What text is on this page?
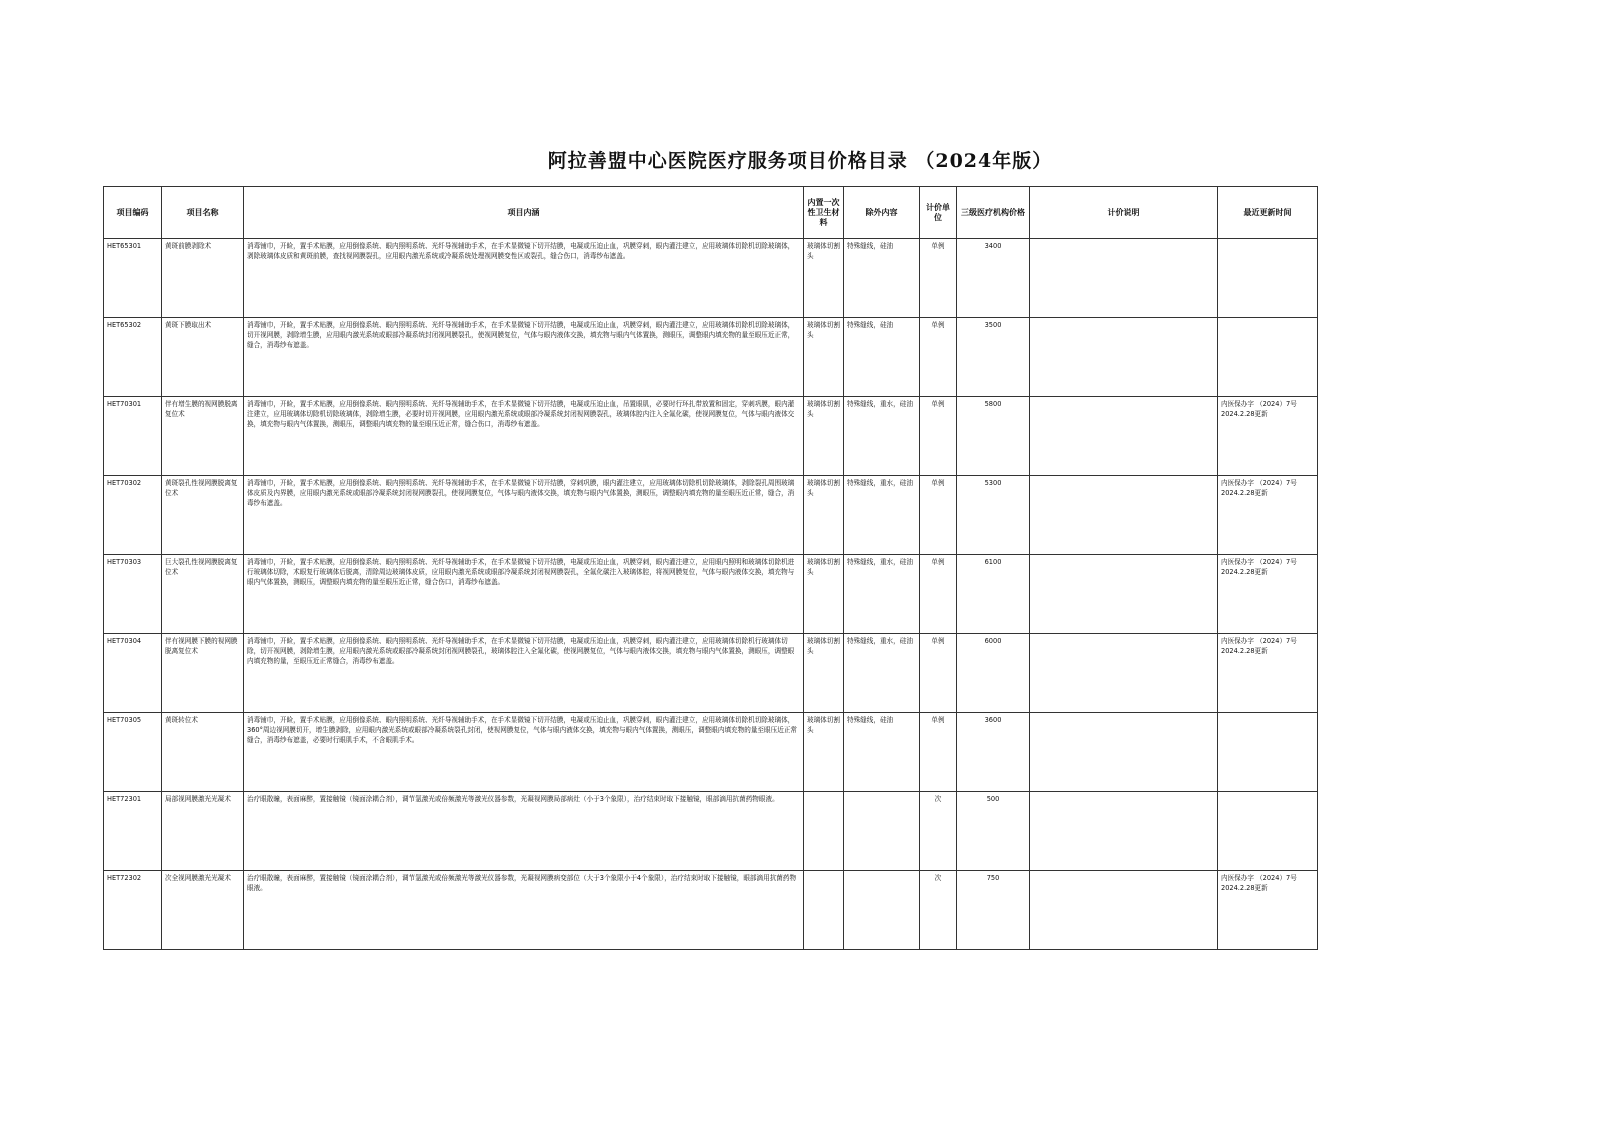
阿拉善盟中心医院医疗服务项目价格目录 （2024年版）
项目编码	项目名称	项目内涵	内置一次性卫生材料	除外内容	计价单位	三级医疗机构价格	计价说明	最近更新时间
HET65301	黄斑前膜剥除术	消毒铺巾，开睑，置手术贴膜，应用倒像系统、眼内照明系统、光纤导视辅助手术，在手术显微镜下切开结膜，电凝或压迫止血，巩膜穿刺，眼内灌注建立，应用玻璃体切除机切除玻璃体，剥除玻璃体皮质和黄斑前膜，查找视网膜裂孔，应用眼内激光系统或冷凝系统处理视网膜变性区或裂孔，缝合伤口，消毒纱布遮盖。	玻璃体切割头	特殊缝线，硅油	单例	3400		
HET65302	黄斑下膜取出术	消毒铺巾，开睑，置手术贴膜，应用倒像系统、眼内照明系统、光纤导视辅助手术，在手术显微镜下切开结膜，电凝或压迫止血，巩膜穿刺，眼内灌注建立，应用玻璃体切除机切除玻璃体，切开视网膜，剥除增生膜，应用眼内激光系统或眼部冷凝系统封闭视网膜裂孔，使视网膜复位，气体与眼内液体交换，填充物与眼内气体置换，测眼压，调整眼内填充物的量至眼压近正常，缝合，消毒纱布遮盖。	玻璃体切割头	特殊缝线，硅油	单例	3500		
HET70301	伴有增生膜的视网膜脱离复位术	消毒铺巾，开睑，置手术贴膜，应用倒像系统、眼内照明系统、光纤导视辅助手术，在手术显微镜下切开结膜，电凝或压迫止血，吊置眼肌，必要时行环扎带放置和固定，穿刺巩膜，眼内灌注建立，应用玻璃体切除机切除玻璃体，剥除增生膜，必要时切开视网膜，应用眼内激光系统或眼部冷凝系统封闭视网膜裂孔，玻璃体腔内注入全氟化碳，使视网膜复位，气体与眼内液体交换，填充物与眼内气体置换，测眼压，调整眼内填充物的量至眼压近正常，缝合伤口，消毒纱布遮盖。	玻璃体切割头	特殊缝线，重水，硅油	单例	5800		内医保办字 （2024）7号 2024.2.28更新
HET70302	黄斑裂孔性视网膜脱离复位术	消毒铺巾，开睑，置手术贴膜，应用倒像系统、眼内照明系统、光纤导视辅助手术，在手术显微镜下切开结膜，穿刺巩膜，眼内灌注建立，应用玻璃体切除机切除玻璃体，剥除裂孔周围玻璃体皮质及内界膜，应用眼内激光系统或眼部冷凝系统封闭视网膜裂孔，使视网膜复位，气体与眼内液体交换，填充物与眼内气体置换，测眼压，调整眼内填充物的量至眼压近正常，缝合，消毒纱布遮盖。	玻璃体切割头	特殊缝线，重水，硅油	单例	5300		内医保办字 （2024）7号 2024.2.28更新
HET70303	巨大裂孔性视网膜脱离复位术	消毒铺巾，开睑，置手术贴膜，应用倒像系统、眼内照明系统、光纤导视辅助手术，在手术显微镜下切开结膜，电凝或压迫止血，巩膜穿刺，眼内灌注建立，应用眼内照明和玻璃体切除机进行玻璃体切除，术眼复行玻璃体后脱离，清除周边玻璃体皮质，应用眼内激光系统或眼部冷凝系统封闭视网膜裂孔，全氟化碳注入玻璃体腔，将视网膜复位，气体与眼内液体交换，填充物与眼内气体置换，测眼压，调整眼内填充物的量至眼压近正常，缝合伤口，消毒纱布遮盖。	玻璃体切割头	特殊缝线，重水，硅油	单例	6100		内医保办字 （2024）7号 2024.2.28更新
HET70304	伴有视网膜下膜的视网膜脱离复位术	消毒铺巾，开睑，置手术贴膜，应用倒像系统、眼内照明系统、光纤导视辅助手术，在手术显微镜下切开结膜，电凝或压迫止血，巩膜穿刺，眼内灌注建立，应用玻璃体切除机行玻璃体切除，切开视网膜，剥除增生膜，应用眼内激光系统或眼部冷凝系统封闭视网膜裂孔，玻璃体腔注入全氟化碳，使视网膜复位，气体与眼内液体交换，填充物与眼内气体置换，测眼压，调整眼内填充物的量，至眼压近正常缝合，消毒纱布遮盖。	玻璃体切割头	特殊缝线，重水，硅油	单例	6000		内医保办字 （2024）7号 2024.2.28更新
HET70305	黄斑转位术	消毒铺巾，开睑，置手术贴膜，应用倒像系统、眼内照明系统、光纤导视辅助手术，在手术显微镜下切开结膜，电凝或压迫止血，巩膜穿刺，眼内灌注建立，应用玻璃体切除机切除玻璃体，360°周边视网膜切开，增生膜剥除，应用眼内激光系统或眼部冷凝系统裂孔封闭，使视网膜复位，气体与眼内液体交换，填充物与眼内气体置换，测眼压，调整眼内填充物的量至眼压近正常缝合，消毒纱布遮盖，必要时行眼肌手术，不含眼肌手术。	玻璃体切割头	特殊缝线，硅油	单例	3600		
HET72301	局部视网膜激光光凝术	治疗眼散瞳，表面麻醉，置接触镜（镜面涂耦合剂），调节氩激光或倍频激光等激光仪器参数，光凝视网膜局部病灶（小于3个象限），治疗结束时取下接触镜，眼部滴用抗菌药物眼液。			次	500		
HET72302	次全视网膜激光光凝术	治疗眼散瞳，表面麻醉，置接触镜（镜面涂耦合剂），调节氩激光或倍频激光等激光仪器参数，光凝视网膜病变部位（大于3个象限小于4个象限），治疗结束时取下接触镜，眼部滴用抗菌药物眼液。			次	750		内医保办字 （2024）7号 2024.2.28更新
